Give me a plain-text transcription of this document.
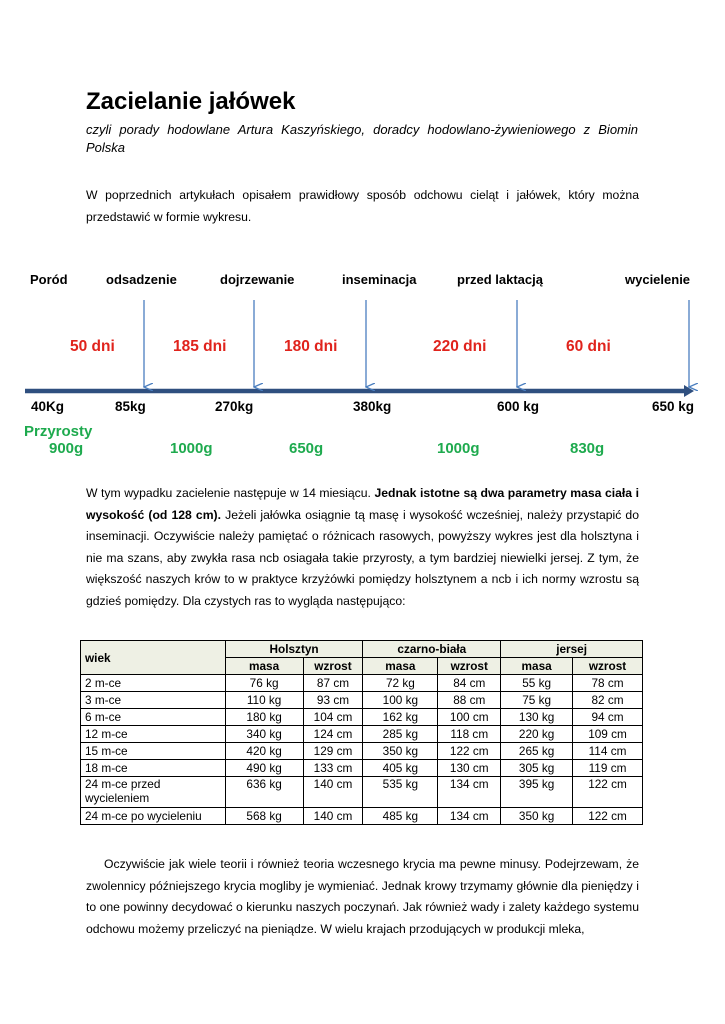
Zacielanie jałówek
czyli porady hodowlane Artura Kaszyńskiego, doradcy hodowlano-żywieniowego z Biomin Polska
W poprzednich artykułach opisałem prawidłowy sposób odchowu cieląt i jałówek, który można przedstawić w formie wykresu.
Poród	odsadzenie	dojrzewanie	inseminacja	przed laktacją	wycielenie
50 dni	185 dni	180 dni	220 dni	60 dni
40Kg	85kg	270kg	380kg	600 kg	650 kg
Przyrosty
900g	1000g	650g	1000g	830g
W tym wypadku zacielenie następuje w 14 miesiącu. Jednak istotne są dwa parametry masa ciała i wysokość (od 128 cm). Jeżeli jałówka osiągnie tą masę i wysokość wcześniej, należy przystapić do inseminacji. Oczywiście należy pamiętać o różnicach rasowych, powyższy wykres jest dla holsztyna i nie ma szans, aby zwykła rasa ncb osiagała takie przyrosty, a tym bardziej niewielki jersej. Z tym, że większość naszych krów to w praktyce krzyżówki pomiędzy holsztynem a ncb i ich normy wzrostu są gdzieś pomiędzy. Dla czystych ras to wygląda następująco:
wiek	Holsztyn		czarno-biała		jersej	
	masa	wzrost	masa	wzrost	masa	wzrost
2 m-ce	76 kg	87 cm	72 kg	84 cm	55 kg	78 cm
3 m-ce	110 kg	93 cm	100 kg	88 cm	75 kg	82 cm
6 m-ce	180 kg	104 cm	162 kg	100 cm	130 kg	94 cm
12 m-ce	340 kg	124 cm	285 kg	118 cm	220 kg	109 cm
15 m-ce	420 kg	129 cm	350 kg	122 cm	265 kg	114 cm
18 m-ce	490 kg	133 cm	405 kg	130 cm	305 kg	119 cm
24 m-ce przed wycieleniem	636 kg	140 cm	535 kg	134 cm	395 kg	122 cm
24 m-ce po wycieleniu	568 kg	140 cm	485 kg	134 cm	350 kg	122 cm
Oczywiście jak wiele teorii i również teoria wczesnego krycia ma pewne minusy. Podejrzewam, że zwolennicy późniejszego krycia mogliby je wymieniać. Jednak krowy trzymamy głównie dla pieniędzy i to one powinny decydować o kierunku naszych poczynań. Jak również wady i zalety każdego systemu odchowu możemy przeliczyć na pieniądze. W wielu krajach przodujących w produkcji mleka,
